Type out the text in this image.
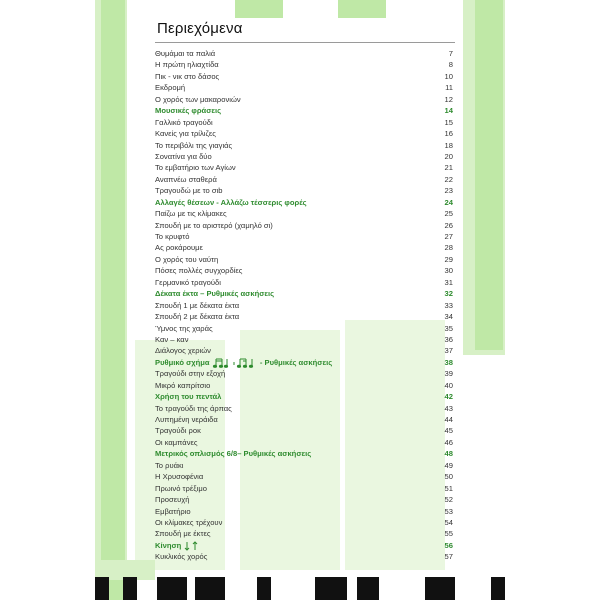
Περιεχόμενα
Θυμάμαι τα παλιά	7
Η πρώτη ηλιαχτίδα	8
Πικ - νικ στο δάσος	10
Εκδρομή	11
Ο χορός των μακαρονιών	12
Μουσικές φράσεις	14
Γαλλικό τραγούδι	15
Κανείς για τρίλιζες	16
Το περιβόλι της γιαγιάς	18
Σονατίνα για δύο	20
Το εμβατήριο των Αγίων	21
Αναπνέω σταθερά	22
Τραγουδώ με το σιb	23
Αλλαγές θέσεων - Αλλάζω τέσσερις φορές	24
Παίζω με τις κλίμακες	25
Σπουδή με το αριστερό (χαμηλό σι)	26
Το κρυφτό	27
Ας ροκάρουμε	28
Ο χορός του ναύτη	29
Πόσες πολλές συγχορδίες	30
Γερμανικό τραγούδι	31
Δέκατα έκτα – Ρυθμικές ασκήσεις	32
Σπουδή 1 με δέκατα έκτα	33
Σπουδή 2 με δέκατα έκτα	34
Ύμνος της χαράς	35
Καν – καν	36
Διάλογος χεριών	37
Ρυθμικό σχήμα	- Ρυθμικές ασκήσεις	38
Τραγούδι στην εξοχή	39
Μικρό καπρίτσιο	40
Χρήση του πεντάλ	42
Το τραγούδι της άρπας	43
Λυπημένη νεράιδα	44
Τραγούδι ροκ	45
Οι καμπάνες	46
Μετρικός οπλισμός 6/8– Ρυθμικές ασκήσεις	48
Το ρυάκι	49
Η Χρυσοφένια	50
Πρωινό τρέξιμο	51
Προσευχή	52
Εμβατήριο	53
Οι κλίμακες τρέχουν	54
Σπουδή με έκτες	55
Κίνηση	56
Κυκλικός χορός	57
